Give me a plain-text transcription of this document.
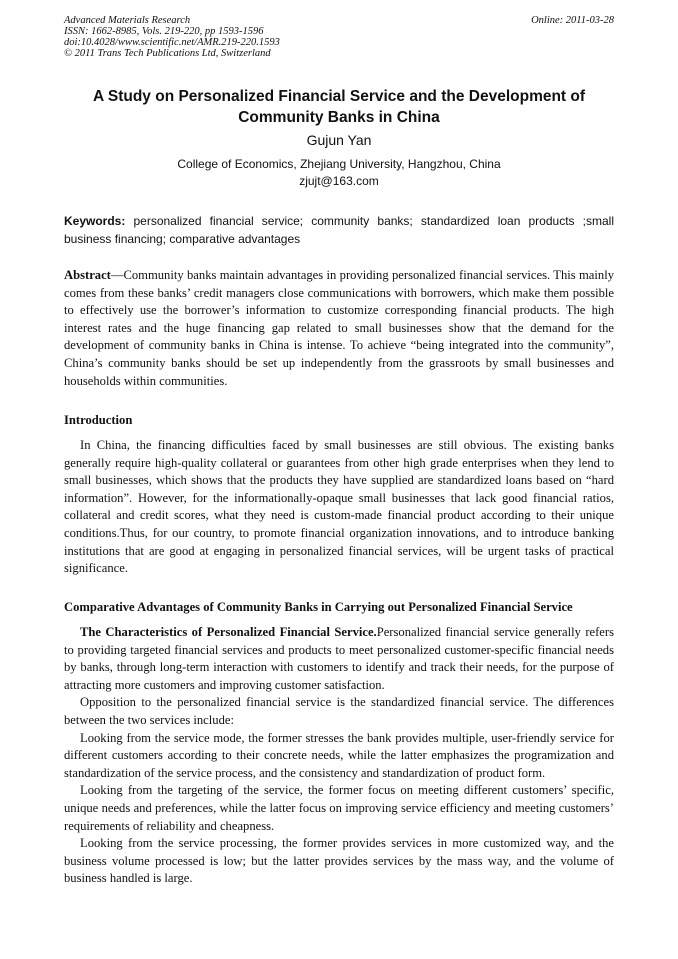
Advanced Materials Research
ISSN: 1662-8985, Vols. 219-220, pp 1593-1596
doi:10.4028/www.scientific.net/AMR.219-220.1593
© 2011 Trans Tech Publications Ltd, Switzerland
Online: 2011-03-28
A Study on Personalized Financial Service and the Development of Community Banks in China
Gujun Yan
College of Economics, Zhejiang University, Hangzhou, China
zjujt@163.com
Keywords: personalized financial service; community banks; standardized loan products ;small business financing; comparative advantages

Abstract—Community banks maintain advantages in providing personalized financial services. This mainly comes from these banks’ credit managers close communications with borrowers, which make them possible to effectively use the borrower’s information to customize corresponding financial products. The high interest rates and the huge financing gap related to small businesses show that the demand for the development of community banks in China is intense. To achieve “being integrated into the community”, China’s community banks should be set up independently from the grassroots by small businesses and households within communities.

Introduction

In China, the financing difficulties faced by small businesses are still obvious. The existing banks generally require high-quality collateral or guarantees from other high grade enterprises when they lend to small businesses, which shows that the products they have supplied are standardized loans based on “hard information”. However, for the informationally-opaque small businesses that lack good financial ratios, collateral and credit scores, what they need is custom-made financial product according to their unique conditions.Thus, for our country, to promote financial organization innovations, and to introduce banking institutions that are good at engaging in personalized financial services, will be urgent tasks of practical significance.

Comparative Advantages of Community Banks in Carrying out Personalized Financial Service

The Characteristics of Personalized Financial Service.Personalized financial service generally refers to providing targeted financial services and products to meet personalized customer-specific financial needs by banks, through long-term interaction with customers to identify and track their needs, for the purpose of attracting more customers and improving customer satisfaction.

Opposition to the personalized financial service is the standardized financial service. The differences between the two services include:

Looking from the service mode, the former stresses the bank provides multiple, user-friendly service for different customers according to their concrete needs, while the latter emphasizes the programization and standardization of the service process, and the consistency and standardization of product form.

Looking from the targeting of the service, the former focus on meeting different customers’ specific, unique needs and preferences, while the latter focus on improving service efficiency and meeting customers’ requirements of reliability and cheapness.

Looking from the service processing, the former provides services in more customized way, and the business volume processed is low; but the latter provides services by the mass way, and the volume of business handled is large.
